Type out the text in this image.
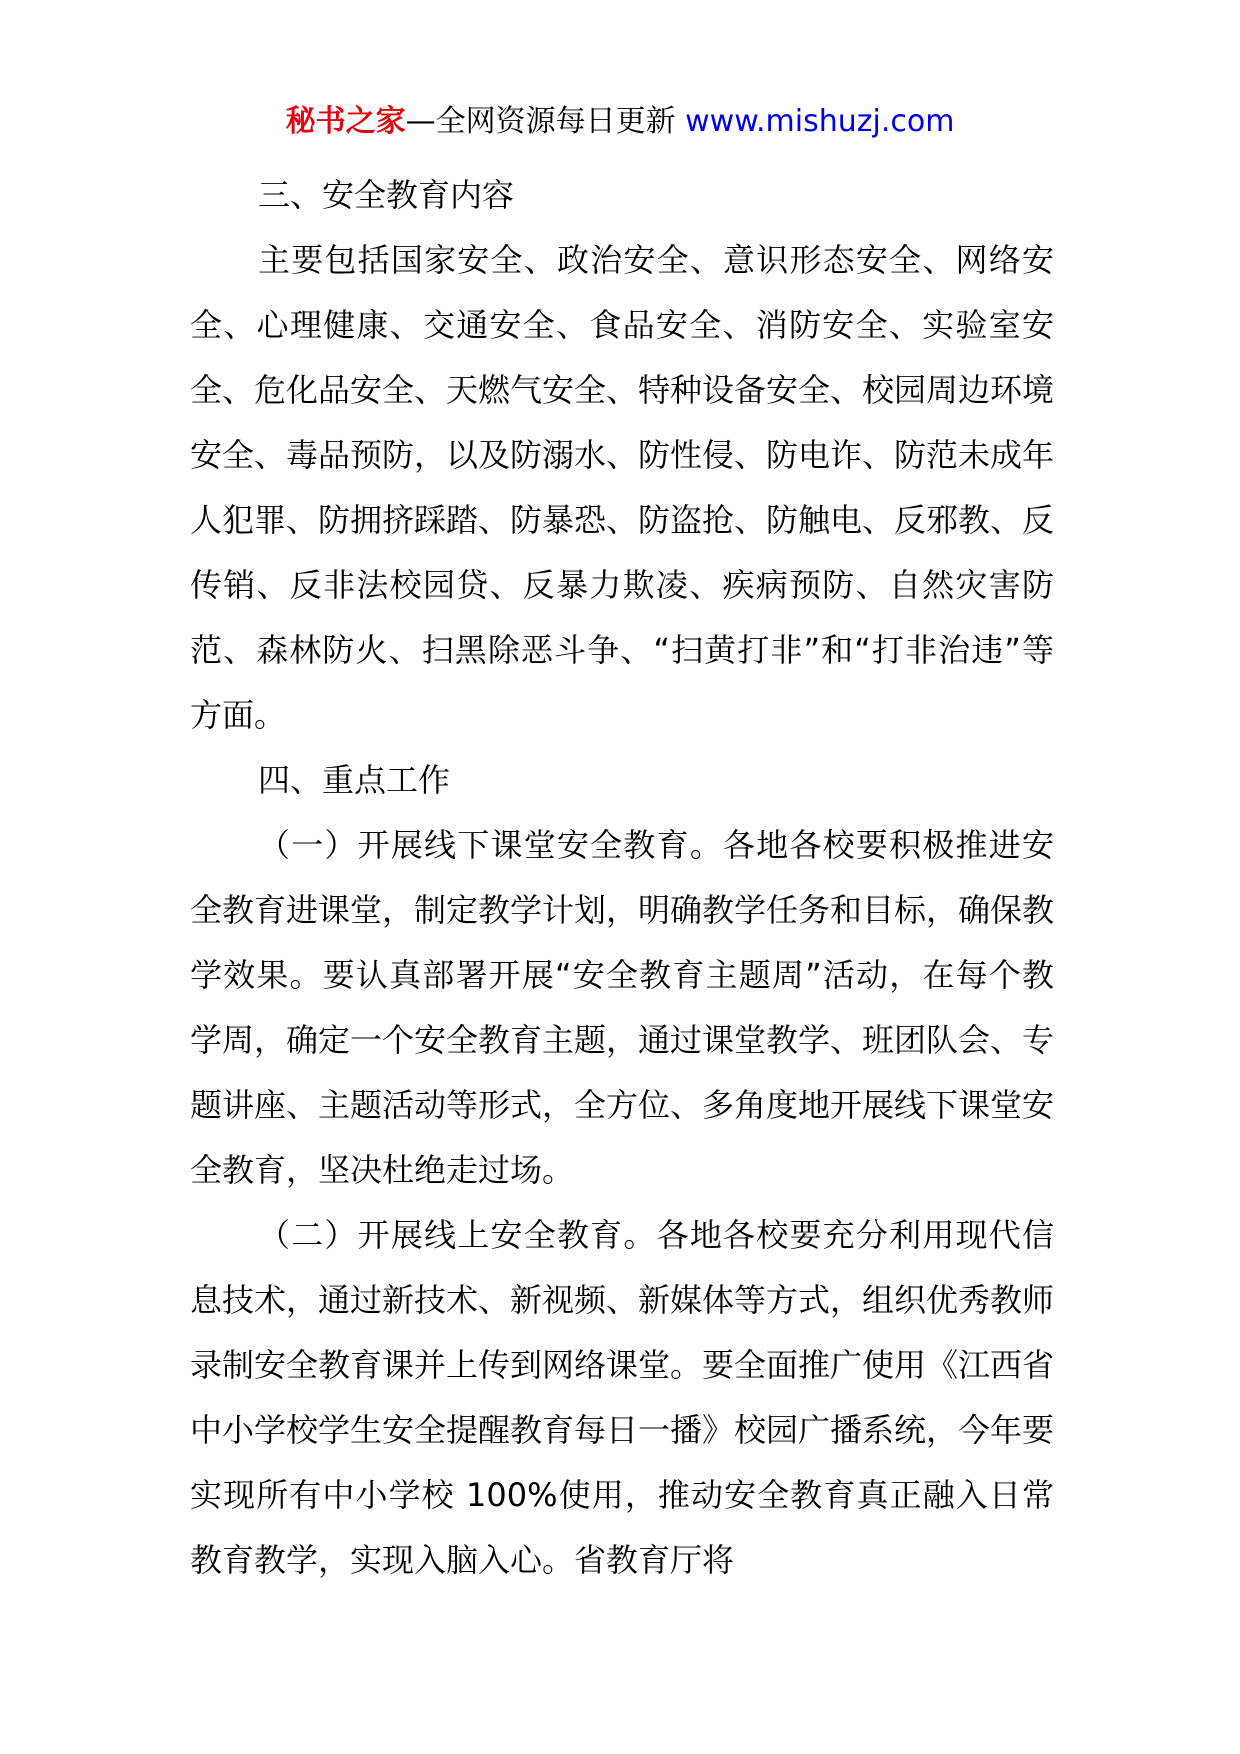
秘书之家—全网资源每日更新 www.mishuzj.com

三、安全教育内容

主要包括国家安全、政治安全、意识形态安全、网络安全、心理健康、交通安全、食品安全、消防安全、实验室安全、危化品安全、天燃气安全、特种设备安全、校园周边环境安全、毒品预防，以及防溺水、防性侵、防电诈、防范未成年人犯罪、防拥挤踩踏、防暴恐、防盗抢、防触电、反邪教、反传销、反非法校园贷、反暴力欺凌、疾病预防、自然灾害防范、森林防火、扫黑除恶斗争、“扫黄打非”和“打非治违”等方面。

四、重点工作

（一）开展线下课堂安全教育。各地各校要积极推进安全教育进课堂，制定教学计划，明确教学任务和目标，确保教学效果。要认真部署开展“安全教育主题周”活动，在每个教学周，确定一个安全教育主题，通过课堂教学、班团队会、专题讲座、主题活动等形式，全方位、多角度地开展线下课堂安全教育，坚决杜绝走过场。

（二）开展线上安全教育。各地各校要充分利用现代信息技术，通过新技术、新视频、新媒体等方式，组织优秀教师录制安全教育课并上传到网络课堂。要全面推广使用《江西省中小学校学生安全提醒教育每日一播》校园广播系统，今年要实现所有中小学校 100%使用，推动安全教育真正融入日常教育教学，实现入脑入心。省教育厅将
